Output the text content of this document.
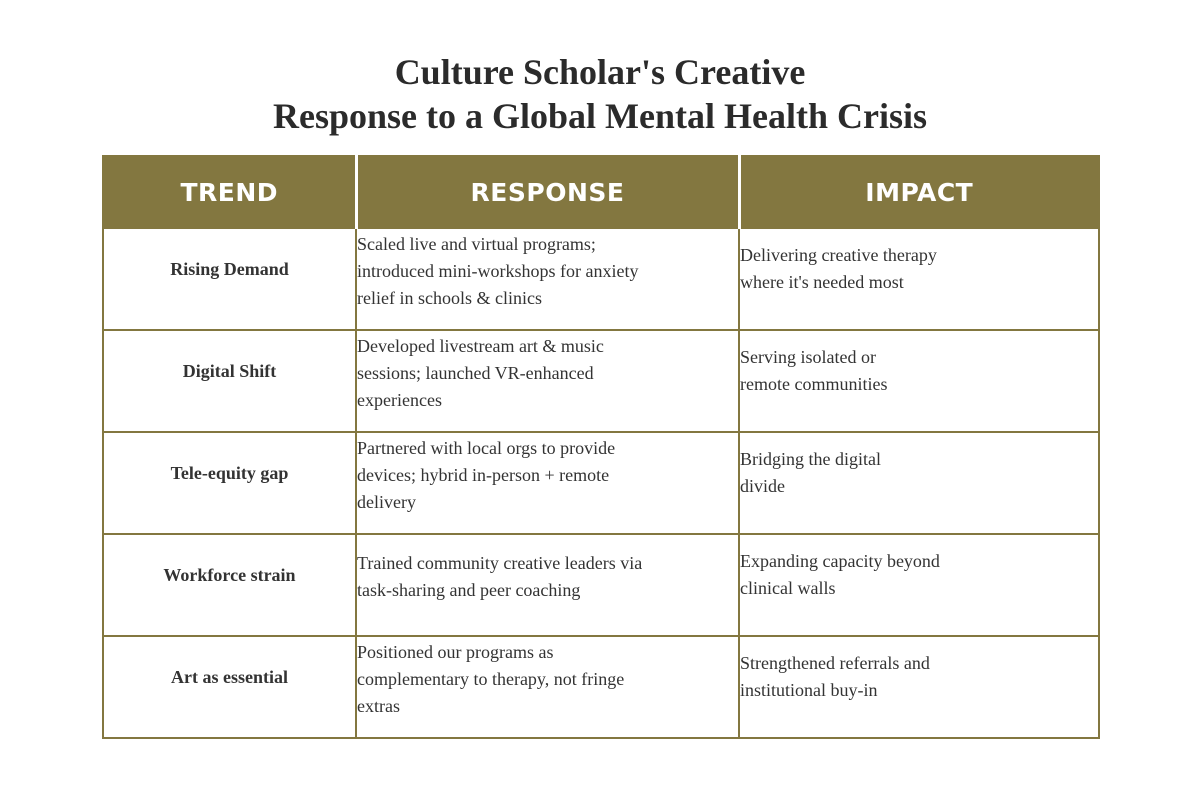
Culture Scholar's Creative
Response to a Global Mental Health Crisis
TREND	RESPONSE	IMPACT

Rising Demand	Scaled live and virtual programs;
introduced mini-workshops for anxiety
relief in schools & clinics	Delivering creative therapy
where it's needed most

Digital Shift	Developed livestream art & music
sessions; launched VR-enhanced
experiences	Serving isolated or
remote communities

Tele-equity gap	Partnered with local orgs to provide
devices; hybrid in-person + remote
delivery	Bridging the digital
divide

Workforce strain	Trained community creative leaders via
task-sharing and peer coaching	Expanding capacity beyond
clinical walls

Art as essential	Positioned our programs as
complementary to therapy, not fringe
extras	Strengthened referrals and
institutional buy-in
